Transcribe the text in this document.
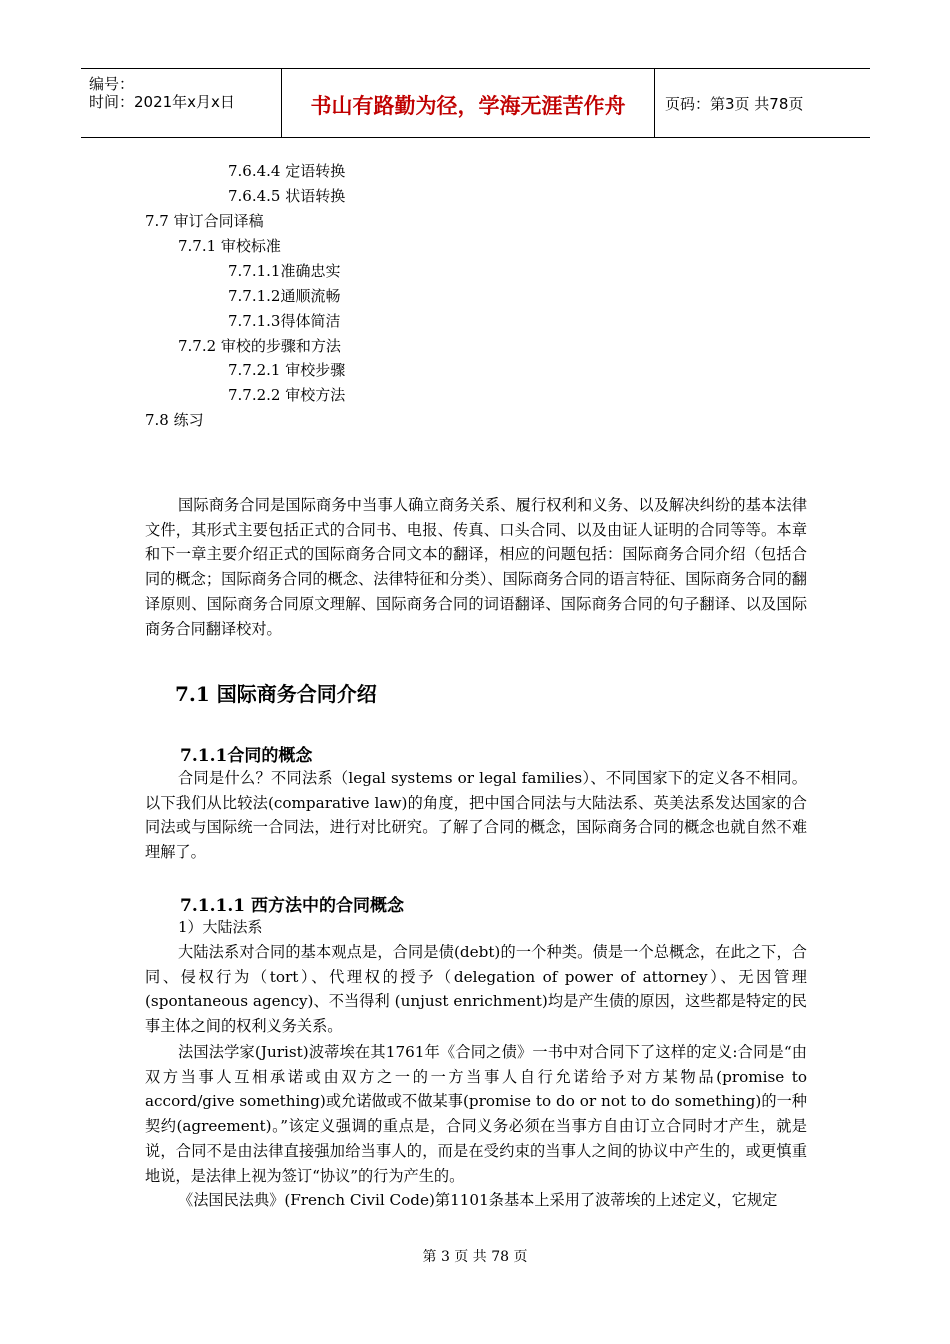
编号：
时间：2021年x月x日	书山有路勤为径，学海无涯苦作舟	页码：第3页 共78页
7.6.4.4 定语转换
7.6.4.5 状语转换
7.7 审订合同译稿
7.7.1 审校标准
7.7.1.1准确忠实
7.7.1.2通顺流畅
7.7.1.3得体简洁
7.7.2 审校的步骤和方法
7.7.2.1 审校步骤
7.7.2.2 审校方法
7.8 练习

国际商务合同是国际商务中当事人确立商务关系、履行权利和义务、以及解决纠纷的基本法律文件，其形式主要包括正式的合同书、电报、传真、口头合同、以及由证人证明的合同等等。本章和下一章主要介绍正式的国际商务合同文本的翻译，相应的问题包括：国际商务合同介绍（包括合同的概念；国际商务合同的概念、法律特征和分类）、国际商务合同的语言特征、国际商务合同的翻译原则、国际商务合同原文理解、国际商务合同的词语翻译、国际商务合同的句子翻译、以及国际商务合同翻译校对。

7.1 国际商务合同介绍
7.1.1合同的概念

合同是什么？不同法系（legal systems or legal families）、不同国家下的定义各不相同。以下我们从比较法(comparative law)的角度，把中国合同法与大陆法系、英美法系发达国家的合同法或与国际统一合同法，进行对比研究。了解了合同的概念，国际商务合同的概念也就自然不难理解了。

7.1.1.1 西方法中的合同概念
1）大陆法系

大陆法系对合同的基本观点是，合同是债(debt)的一个种类。债是一个总概念，在此之下，合同、侵权行为（tort）、代理权的授予（delegation of power of attorney）、无因管理(spontaneous agency)、不当得利 (unjust enrichment)均是产生债的原因，这些都是特定的民事主体之间的权利义务关系。

法国法学家(Jurist)波蒂埃在其1761年《合同之债》一书中对合同下了这样的定义:合同是“由双方当事人互相承诺或由双方之一的一方当事人自行允诺给予对方某物品(promise to accord/give something)或允诺做或不做某事(promise to do or not to do something)的一种契约(agreement)。”该定义强调的重点是，合同义务必须在当事方自由订立合同时才产生，就是说，合同不是由法律直接强加给当事人的，而是在受约束的当事人之间的协议中产生的，或更慎重地说，是法律上视为签订“协议”的行为产生的。

《法国民法典》(French Civil Code)第1101条基本上采用了波蒂埃的上述定义，它规定

第 3 页 共 78 页
